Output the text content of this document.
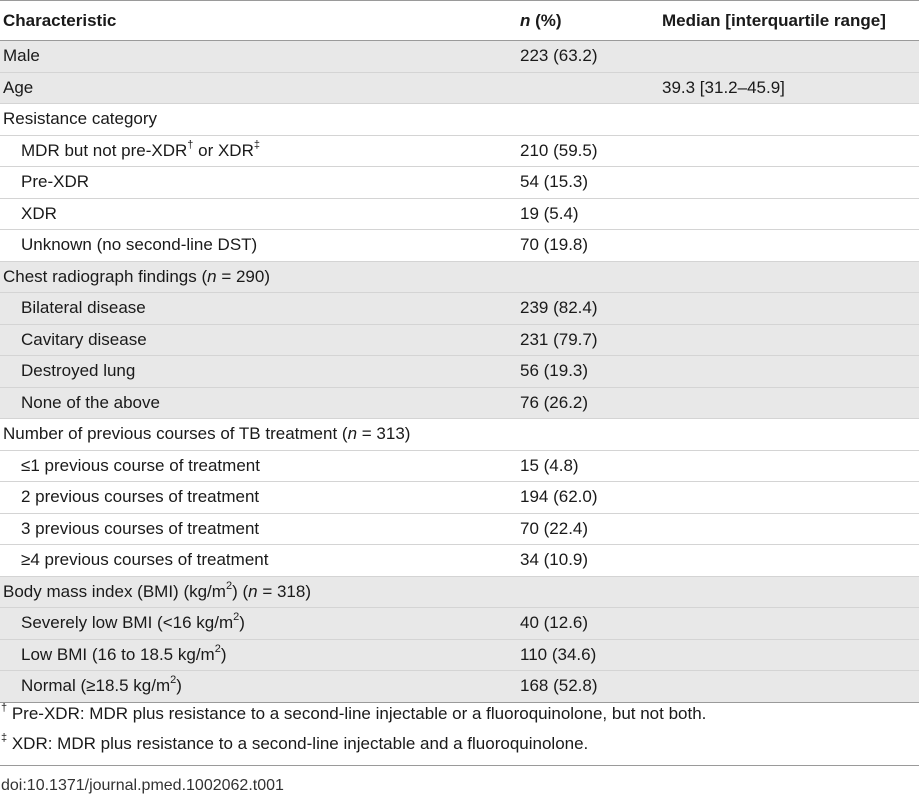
Characteristic	n (%)	Median [interquartile range]
Male	223 (63.2)	
Age		39.3 [31.2–45.9]
Resistance category		
MDR but not pre-XDR† or XDR‡	210 (59.5)	
Pre-XDR	54 (15.3)	
XDR	19 (5.4)	
Unknown (no second-line DST)	70 (19.8)	
Chest radiograph findings (n = 290)		
Bilateral disease	239 (82.4)	
Cavitary disease	231 (79.7)	
Destroyed lung	56 (19.3)	
None of the above	76 (26.2)	
Number of previous courses of TB treatment (n = 313)		
≤1 previous course of treatment	15 (4.8)	
2 previous courses of treatment	194 (62.0)	
3 previous courses of treatment	70 (22.4)	
≥4 previous courses of treatment	34 (10.9)	
Body mass index (BMI) $(kg/m^2) (n = 318)$		
Severely low BMI (<16 $kg/m^2$)	40 (12.6)	
Low BMI (16 to 18.5 $kg/m^2$)	110 (34.6)	
Normal (≥18.5 $kg/m^2$)	168 (52.8)	
† Pre-XDR: MDR plus resistance to a second-line injectable or a fluoroquinolone, but not both.
‡ XDR: MDR plus resistance to a second-line injectable and a fluoroquinolone.
doi:10.1371/journal.pmed.1002062.t001
